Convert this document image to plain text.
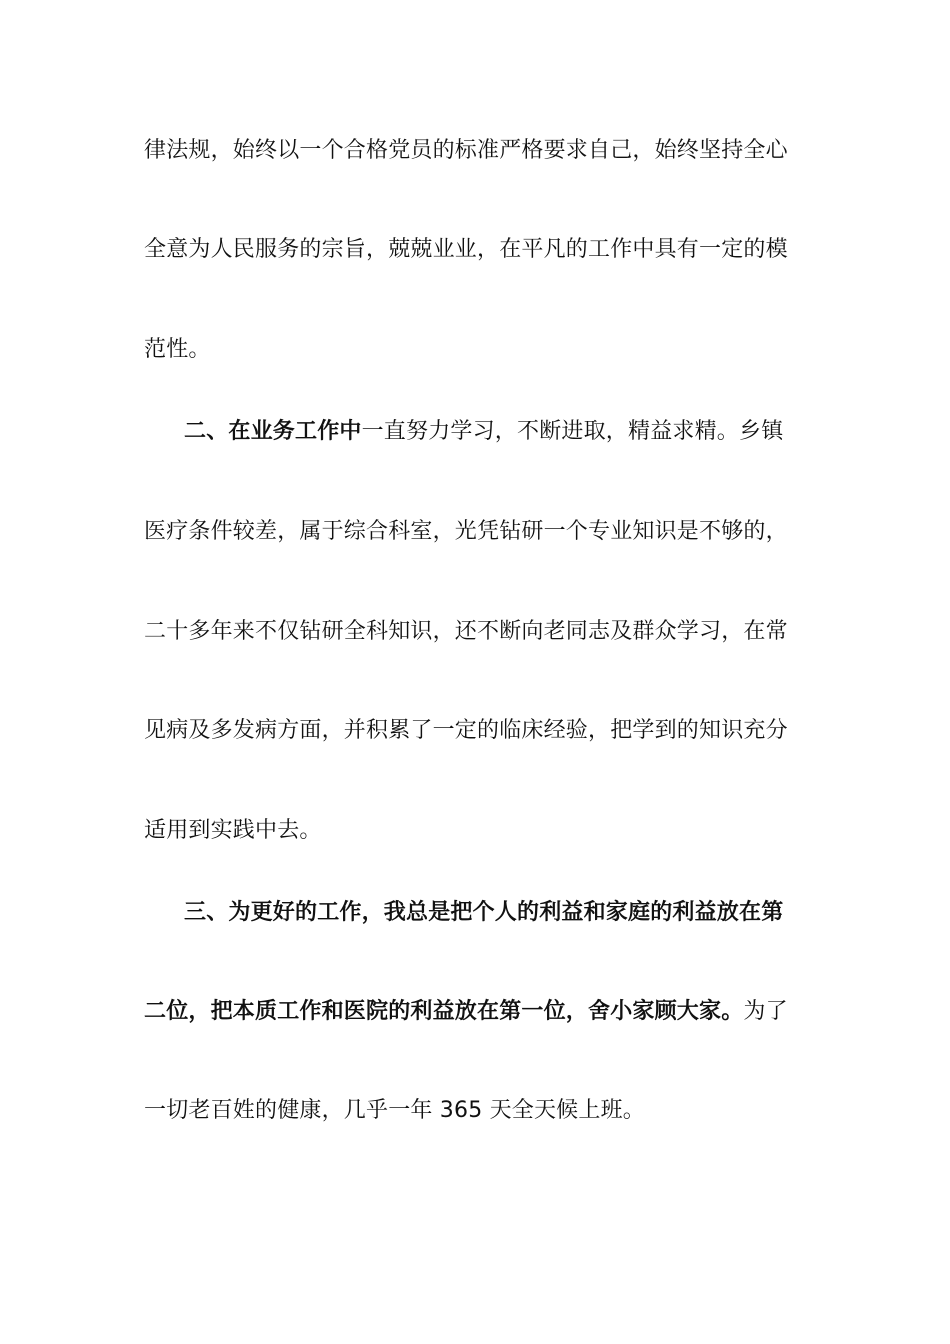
律法规，始终以一个合格党员的标准严格要求自己，始终坚持全心
全意为人民服务的宗旨，兢兢业业，在平凡的工作中具有一定的模
范性。
二、在业务工作中一直努力学习，不断进取，精益求精。乡镇
医疗条件较差，属于综合科室，光凭钻研一个专业知识是不够的，
二十多年来不仅钻研全科知识，还不断向老同志及群众学习，在常
见病及多发病方面，并积累了一定的临床经验，把学到的知识充分
适用到实践中去。
三、为更好的工作，我总是把个人的利益和家庭的利益放在第
二位，把本质工作和医院的利益放在第一位，舍小家顾大家。为了
一切老百姓的健康，几乎一年 365 天全天候上班。
